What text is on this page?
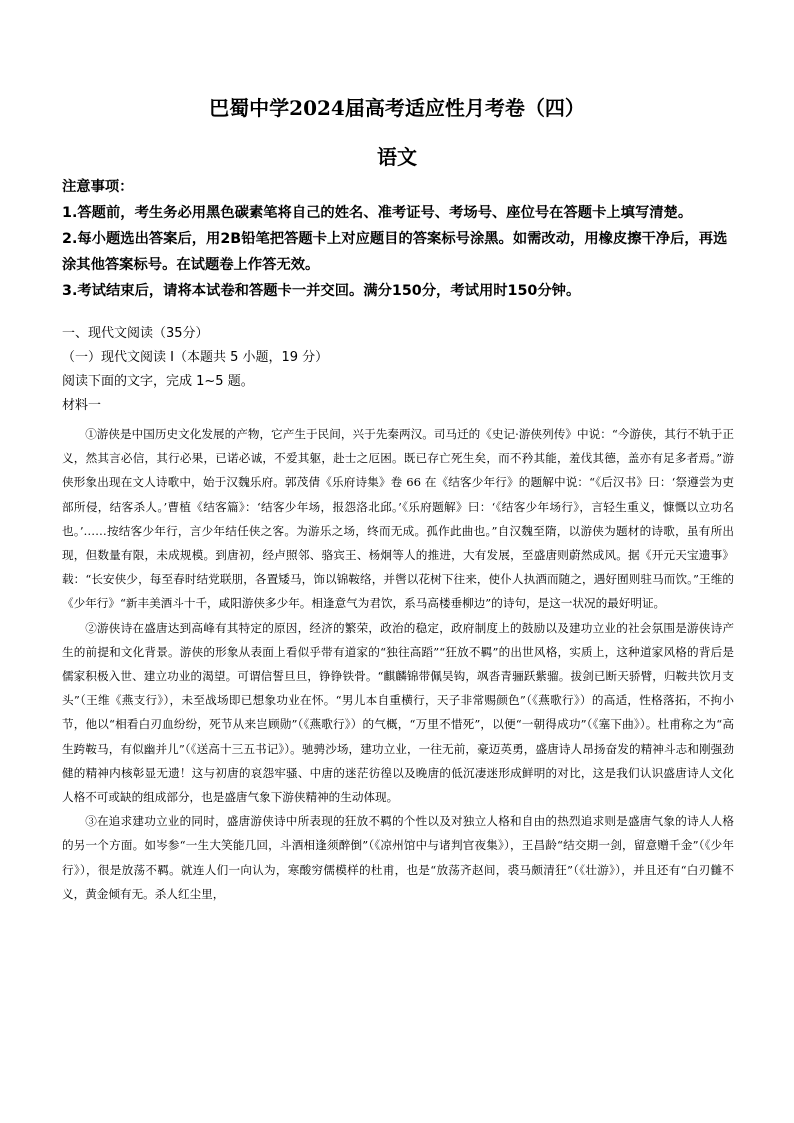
巴蜀中学2024届高考适应性月考卷（四）
语文

注意事项：

1.答题前，考生务必用黑色碳素笔将自己的姓名、准考证号、考场号、座位号在答题卡上填写清楚。

2.每小题选出答案后，用2B铅笔把答题卡上对应题目的答案标号涂黑。如需改动，用橡皮擦干净后，再选涂其他答案标号。在试题卷上作答无效。

3.考试结束后，请将本试卷和答题卡一并交回。满分150分，考试用时150分钟。

一、现代文阅读（35分）
（一）现代文阅读 I（本题共 5 小题，19 分）
阅读下面的文字，完成 1~5 题。
材料一

①游侠是中国历史文化发展的产物，它产生于民间，兴于先秦两汉。司马迁的《史记·游侠列传》中说：“今游侠，其行不轨于正义，然其言必信，其行必果，已诺必诚，不爱其躯，赴士之厄困。既已存亡死生矣，而不矜其能，羞伐其德，盖亦有足多者焉。”游侠形象出现在文人诗歌中，始于汉魏乐府。郭茂倩《乐府诗集》卷 66 在《结客少年行》的题解中说：“《后汉书》曰：‘祭遵尝为吏部所侵，结客杀人。’曹植《结客篇》：‘结客少年场，报怨洛北邱。’《乐府题解》曰：‘《结客少年场行》，言轻生重义，慷慨以立功名也。’……按结客少年行，言少年结任侠之客。为游乐之场，终而无成。孤作此曲也。”自汉魏至隋，以游侠为题材的诗歌，虽有所出现，但数量有限，未成规模。到唐初，经卢照邻、骆宾王、杨炯等人的推进，大有发展，至盛唐则蔚然成风。据《开元天宝遗事》载：“长安侠少，每至春时结党联朋，各置矮马，饰以锦鞍络，并辔以花树下往来，使仆人执酒而随之，遇好囿则驻马而饮。”王维的《少年行》“新丰美酒斗十千，咸阳游侠多少年。相逢意气为君饮，系马高楼垂柳边”的诗句，是这一状况的最好明证。

②游侠诗在盛唐达到高峰有其特定的原因，经济的繁荣，政治的稳定，政府制度上的鼓励以及建功立业的社会氛围是游侠诗产生的前提和文化背景。游侠的形象从表面上看似乎带有道家的“独往高蹈”“狂放不羁”的出世风格，实质上，这种道家风格的背后是儒家积极入世、建立功业的渴望。可谓信誓旦旦，铮铮铁骨。“麒麟锦带佩吴钩，飒沓青骊跃紫骝。拔剑已断天骄臂，归鞍共饮月支头”（王维《燕支行》），未至战场即已想象功业在怀。“男儿本自重横行，天子非常赐颜色”（《燕歌行》）的高适，性格落拓，不拘小节，他以“相看白刃血纷纷，死节从来岂顾勋”（《燕歌行》）的气概，“万里不惜死”，以便“一朝得成功”（《塞下曲》）。杜甫称之为“高生跨鞍马，有似幽并儿”（《送高十三五书记》）。驰骋沙场，建功立业，一往无前，豪迈英勇，盛唐诗人昂扬奋发的精神斗志和刚强劲健的精神内核彰显无遗！这与初唐的哀怨牢骚、中唐的迷茫彷徨以及晚唐的低沉凄迷形成鲜明的对比，这是我们认识盛唐诗人文化人格不可或缺的组成部分，也是盛唐气象下游侠精神的生动体现。

③在追求建功立业的同时，盛唐游侠诗中所表现的狂放不羁的个性以及对独立人格和自由的热烈追求则是盛唐气象的诗人人格的另一个方面。如岑参“一生大笑能几回，斗酒相逢须醉倒”（《凉州馆中与诸判官夜集》），王昌龄“结交期一剑，留意赠千金”（《少年行》），很是放荡不羁。就连人们一向认为，寒酸穷儒模样的杜甫，也是“放荡齐赵间，裘马颇清狂”（《壮游》），并且还有“白刃雠不义，黄金倾有无。杀人红尘里，
